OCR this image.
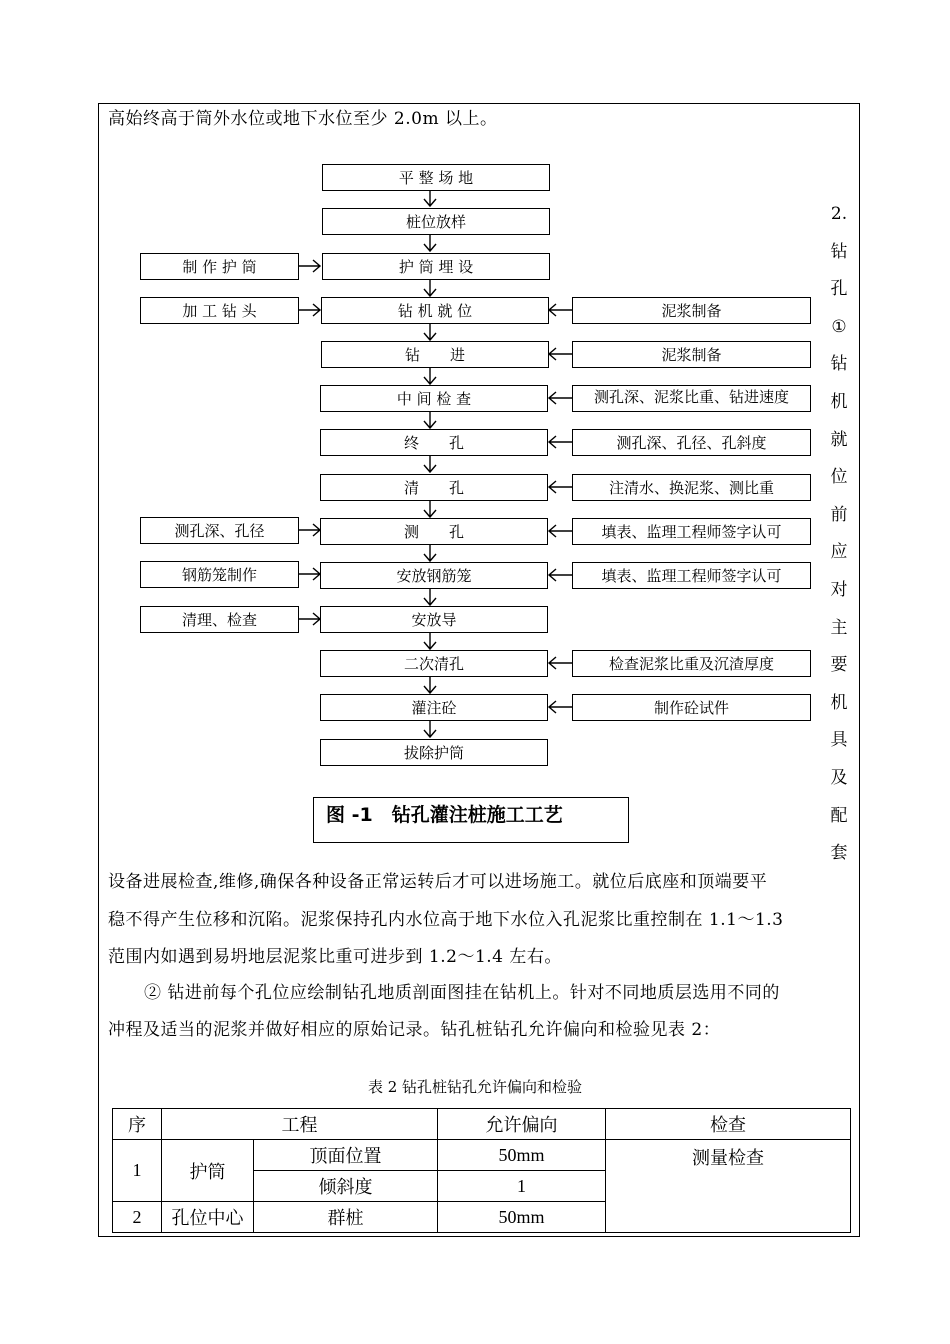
高始终高于筒外水位或地下水位至少 2.0m 以上。
平 整 场 地
桩位放样
护 筒 埋 设
钻 机 就 位
钻　　进
中 间 检 查
终　　孔
清　　孔
测　　孔
安放钢筋笼
安放导
二次清孔
灌注砼
拔除护筒
制 作 护 筒
加 工 钻 头
测孔深、孔径
钢筋笼制作
清理、检查
泥浆制备
泥浆制备
测孔深、泥浆比重、钻进速度
测孔深、孔径、孔斜度
注清水、换泥浆、测比重
填表、监理工程师签字认可
填表、监理工程师签字认可
检查泥浆比重及沉渣厚度
制作砼试件
2.
钻
孔
①
钻
机
就
位
前
应
对
主
要
机
具
及
配
套
图 -1　钻孔灌注桩施工工艺
设备进展检查,维修,确保各种设备正常运转后才可以进场施工。就位后底座和顶端要平
稳不得产生位移和沉陷。泥浆保持孔内水位高于地下水位入孔泥浆比重控制在 1.1～1.3
范围内如遇到易坍地层泥浆比重可进步到 1.2～1.4 左右。
② 钻进前每个孔位应绘制钻孔地质剖面图挂在钻机上。针对不同地质层选用不同的
冲程及适当的泥浆并做好相应的原始记录。钻孔桩钻孔允许偏向和检验见表 2：
表 2 钻孔桩钻孔允许偏向和检验
序	工程		允许偏向	检查
1	护筒	顶面位置	50mm	测量检查
		倾斜度	1	
2	孔位中心	群桩	50mm	
